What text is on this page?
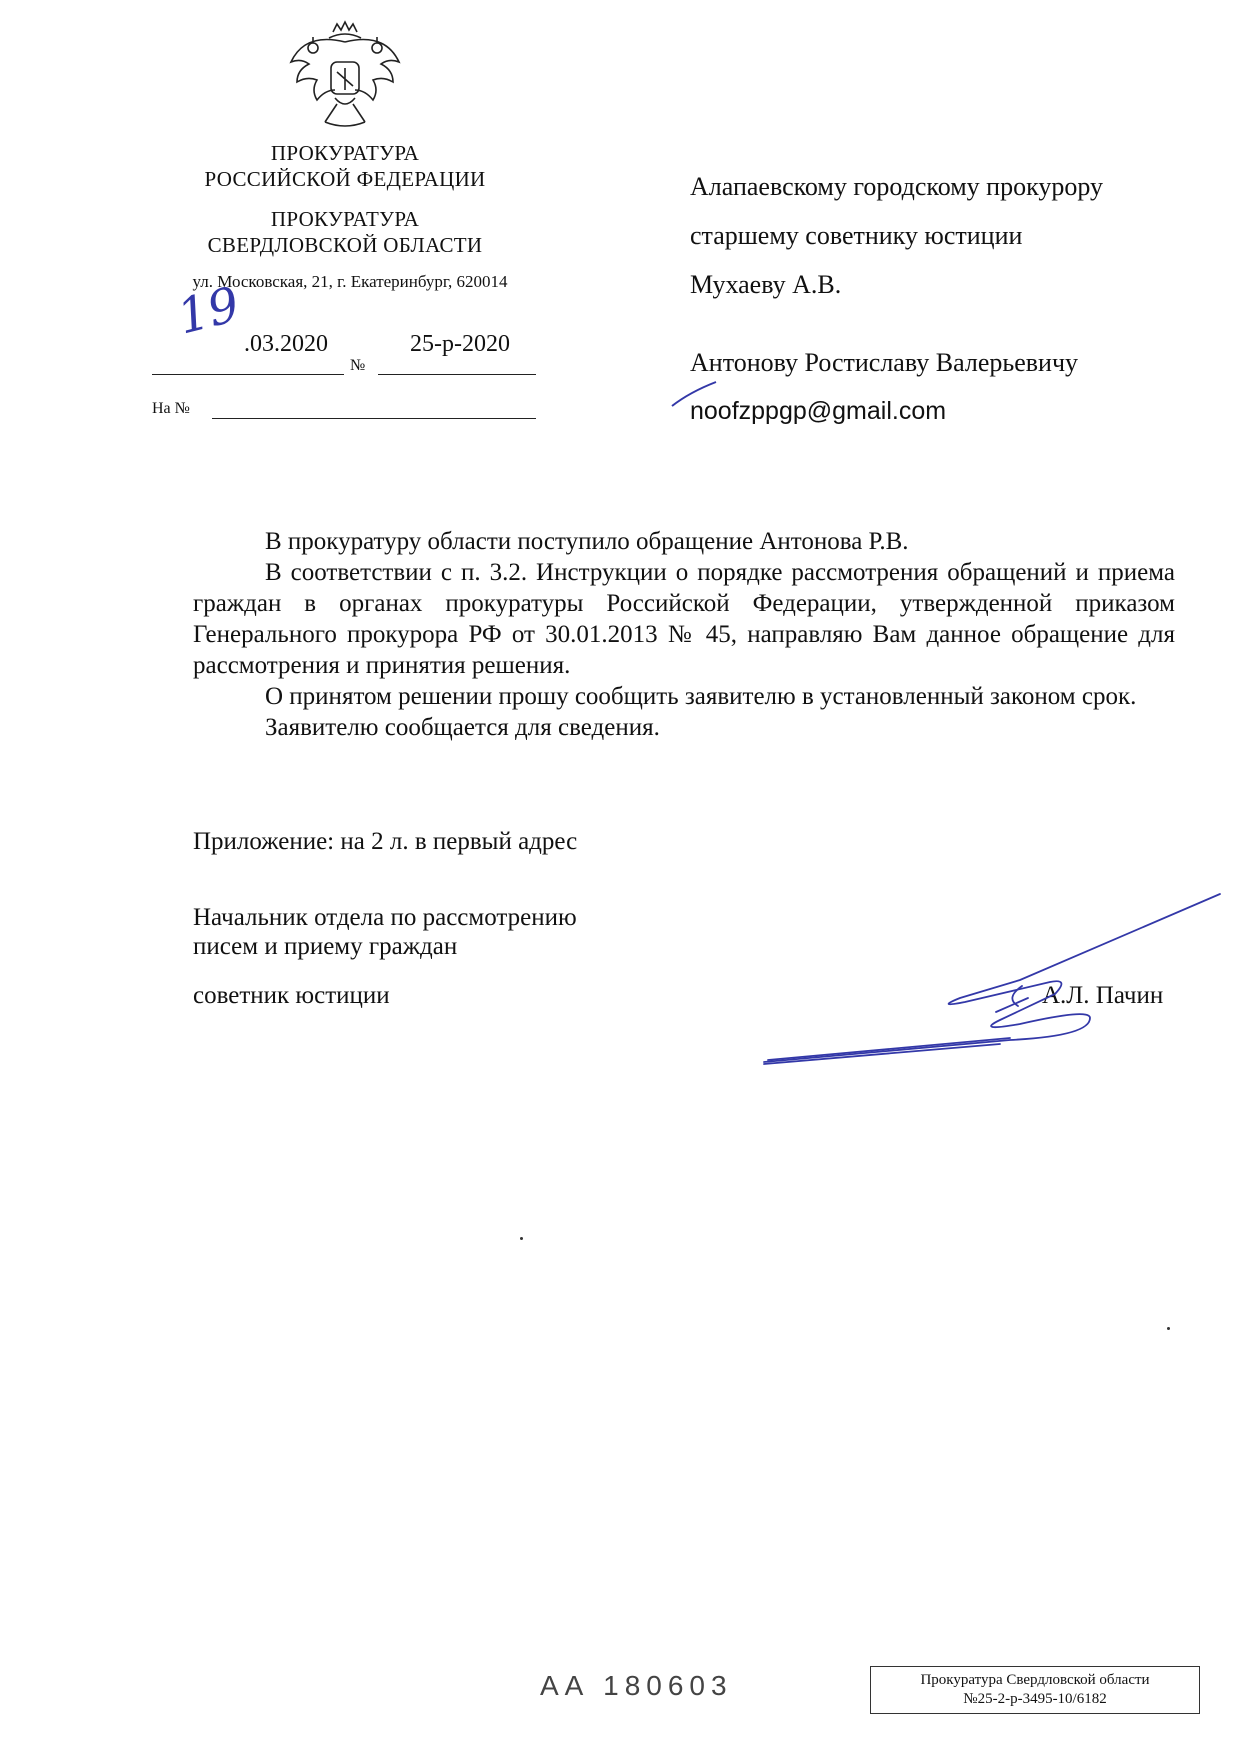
ПРОКУРАТУРА
РОССИЙСКОЙ ФЕДЕРАЦИИ
ПРОКУРАТУРА
СВЕРДЛОВСКОЙ ОБЛАСТИ
ул. Московская, 21, г. Екатеринбург, 620014
19 .03.2020
№
25-р-2020
На №
Алапаевскому городскому прокурору
старшему советнику юстиции
Мухаеву А.В.
Антонову Ростиславу Валерьевичу
noofzppgp@gmail.com

В прокуратуру области поступило обращение Антонова Р.В.

В соответствии с п. 3.2. Инструкции о порядке рассмотрения обращений и приема граждан в органах прокуратуры Российской Федерации, утвержденной приказом Генерального прокурора РФ от 30.01.2013 № 45, направляю Вам данное обращение для рассмотрения и принятия решения.

О принятом решении прошу сообщить заявителю в установленный законом срок.

Заявителю сообщается для сведения.

Приложение: на 2 л. в первый адрес
Начальник отдела по рассмотрению
писем и приему граждан
советник юстиции	А.Л. Пачин
АА 180603	Прокуратура Свердловской области
№25-2-р-3495-10/6182
